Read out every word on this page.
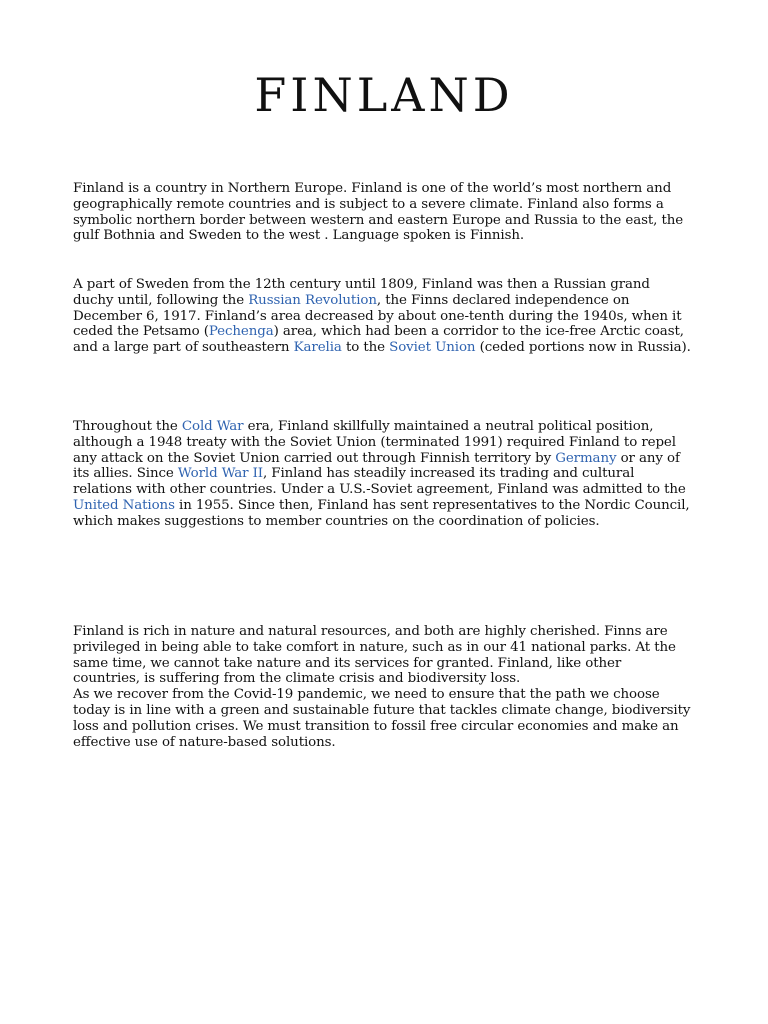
FINLAND

Finland is a country in Northern Europe. Finland is one of the world’s most northern and geographically remote countries and is subject to a severe climate. Finland also forms a symbolic northern border between western and eastern Europe and Russia to the east, the gulf Bothnia and Sweden to the west . Language spoken is Finnish.

A part of Sweden from the 12th century until 1809, Finland was then a Russian grand duchy until, following the Russian Revolution, the Finns declared independence on December 6, 1917. Finland’s area decreased by about one-tenth during the 1940s, when it ceded the Petsamo (Pechenga) area, which had been a corridor to the ice-free Arctic coast, and a large part of southeastern Karelia to the Soviet Union (ceded portions now in Russia).

Throughout the Cold War era, Finland skillfully maintained a neutral political position, although a 1948 treaty with the Soviet Union (terminated 1991) required Finland to repel any attack on the Soviet Union carried out through Finnish territory by Germany or any of its allies. Since World War II, Finland has steadily increased its trading and cultural relations with other countries. Under a U.S.-Soviet agreement, Finland was admitted to the United Nations in 1955. Since then, Finland has sent representatives to the Nordic Council, which makes suggestions to member countries on the coordination of policies.

Finland is rich in nature and natural resources, and both are highly cherished. Finns are privileged in being able to take comfort in nature, such as in our 41 national parks. At the same time, we cannot take nature and its services for granted. Finland, like other countries, is suffering from the climate crisis and biodiversity loss.
As we recover from the Covid-19 pandemic, we need to ensure that the path we choose today is in line with a green and sustainable future that tackles climate change, biodiversity loss and pollution crises. We must transition to fossil free circular economies and make an effective use of nature-based solutions.
